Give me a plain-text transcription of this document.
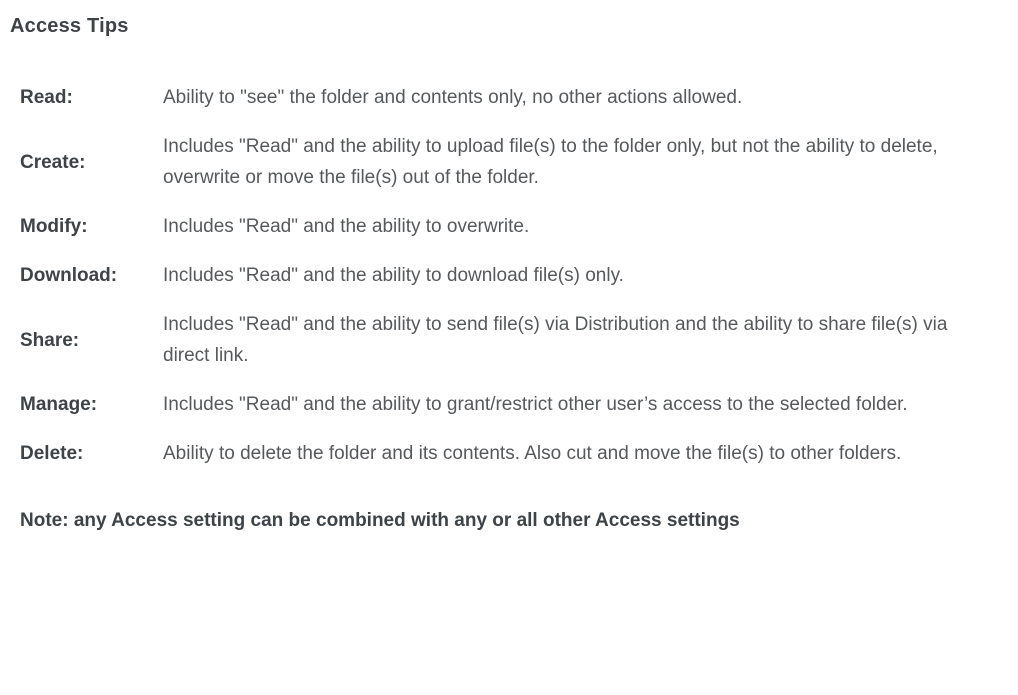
Access Tips
Read:	Ability to "see" the folder and contents only, no other actions allowed.
Create:
Includes "Read" and the ability to upload file(s) to the folder only, but not the ability to delete, overwrite or move the file(s) out of the folder.
Modify:	Includes "Read" and the ability to overwrite.
Download:	Includes "Read" and the ability to download file(s) only.
Share:
Includes "Read" and the ability to send file(s) via Distribution and the ability to share file(s) via direct link.
Manage:	Includes "Read" and the ability to grant/restrict other user’s access to the selected folder.
Delete:	Ability to delete the folder and its contents. Also cut and move the file(s) to other folders.

Note: any Access setting can be combined with any or all other Access settings
